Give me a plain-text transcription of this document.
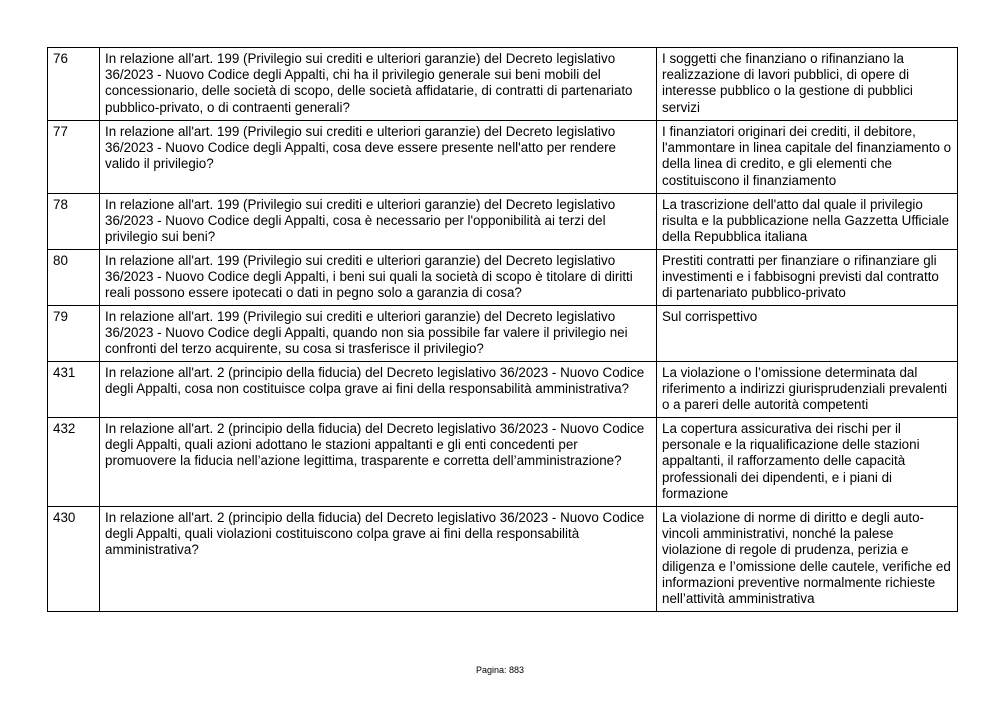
76	In relazione all'art. 199 (Privilegio sui crediti e ulteriori garanzie) del Decreto legislativo 36/2023 - Nuovo Codice degli Appalti, chi ha il privilegio generale sui beni mobili del concessionario, delle società di scopo, delle società affidatarie, di contratti di partenariato pubblico-privato, o di contraenti generali?	I soggetti che finanziano o rifinanziano la realizzazione di lavori pubblici, di opere di interesse pubblico o la gestione di pubblici servizi
77	In relazione all'art. 199 (Privilegio sui crediti e ulteriori garanzie) del Decreto legislativo 36/2023 - Nuovo Codice degli Appalti, cosa deve essere presente nell'atto per rendere valido il privilegio?	I finanziatori originari dei crediti, il debitore, l'ammontare in linea capitale del finanziamento o della linea di credito, e gli elementi che costituiscono il finanziamento
78	In relazione all'art. 199 (Privilegio sui crediti e ulteriori garanzie) del Decreto legislativo 36/2023 - Nuovo Codice degli Appalti, cosa è necessario per l'opponibilità ai terzi del privilegio sui beni?	La trascrizione dell'atto dal quale il privilegio risulta e la pubblicazione nella Gazzetta Ufficiale della Repubblica italiana
80	In relazione all'art. 199 (Privilegio sui crediti e ulteriori garanzie) del Decreto legislativo 36/2023 - Nuovo Codice degli Appalti, i beni sui quali la società di scopo è titolare di diritti reali possono essere ipotecati o dati in pegno solo a garanzia di cosa?	Prestiti contratti per finanziare o rifinanziare gli investimenti e i fabbisogni previsti dal contratto di partenariato pubblico-privato
79	In relazione all'art. 199 (Privilegio sui crediti e ulteriori garanzie) del Decreto legislativo 36/2023 - Nuovo Codice degli Appalti, quando non sia possibile far valere il privilegio nei confronti del terzo acquirente, su cosa si trasferisce il privilegio?	Sul corrispettivo
431	In relazione all'art. 2 (principio della fiducia) del Decreto legislativo 36/2023 - Nuovo Codice degli Appalti, cosa non costituisce colpa grave ai fini della responsabilità amministrativa?	La violazione o l’omissione determinata dal riferimento a indirizzi giurisprudenziali prevalenti o a pareri delle autorità competenti
432	In relazione all'art. 2 (principio della fiducia) del Decreto legislativo 36/2023 - Nuovo Codice degli Appalti, quali azioni adottano le stazioni appaltanti e gli enti concedenti per promuovere la fiducia nell’azione legittima, trasparente e corretta dell’amministrazione?	La copertura assicurativa dei rischi per il personale e la riqualificazione delle stazioni appaltanti, il rafforzamento delle capacità professionali dei dipendenti, e i piani di formazione
430	In relazione all'art. 2 (principio della fiducia) del Decreto legislativo 36/2023 - Nuovo Codice degli Appalti, quali violazioni costituiscono colpa grave ai fini della responsabilità amministrativa?	La violazione di norme di diritto e degli auto-vincoli amministrativi, nonché la palese violazione di regole di prudenza, perizia e diligenza e l’omissione delle cautele, verifiche ed informazioni preventive normalmente richieste nell’attività amministrativa
Pagina: 883
